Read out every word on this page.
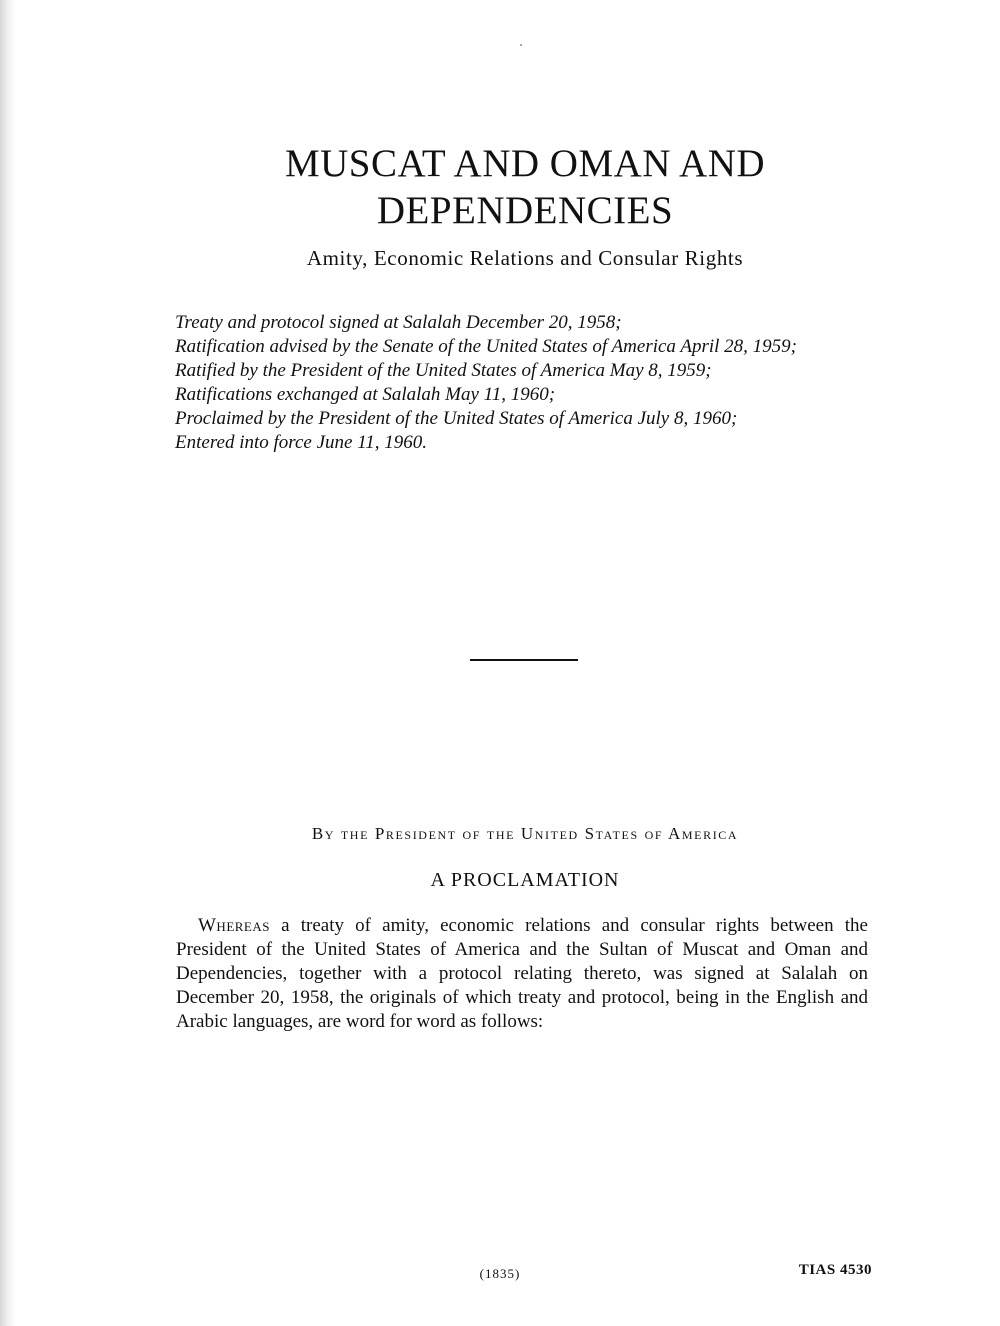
MUSCAT AND OMAN AND
DEPENDENCIES
Amity, Economic Relations and Consular Rights
Treaty and protocol signed at Salalah December 20, 1958;
Ratification advised by the Senate of the United States of America April 28, 1959;
Ratified by the President of the United States of America May 8, 1959;
Ratifications exchanged at Salalah May 11, 1960;
Proclaimed by the President of the United States of America July 8, 1960;
Entered into force June 11, 1960.
By the President of the United States of America
A PROCLAMATION
Whereas a treaty of amity, economic relations and consular rights between the President of the United States of America and the Sultan of Muscat and Oman and Dependencies, together with a protocol relating thereto, was signed at Salalah on December 20, 1958, the originals of which treaty and protocol, being in the English and Arabic languages, are word for word as follows:
(1835)	TIAS 4530
